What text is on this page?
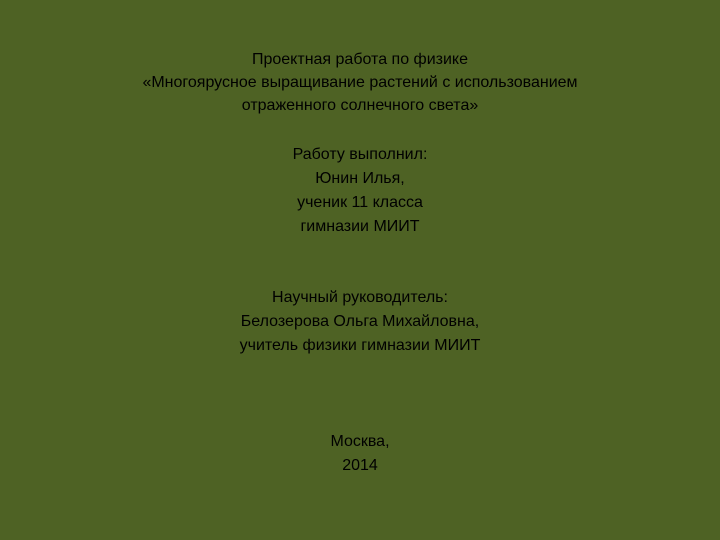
Проектная работа по физике
«Многоярусное выращивание растений с использованием
отраженного солнечного света»
Работу выполнил:
Юнин Илья,
ученик 11 класса
гимназии МИИТ
Научный руководитель:
Белозерова Ольга Михайловна,
учитель физики гимназии МИИТ
Москва,
2014
